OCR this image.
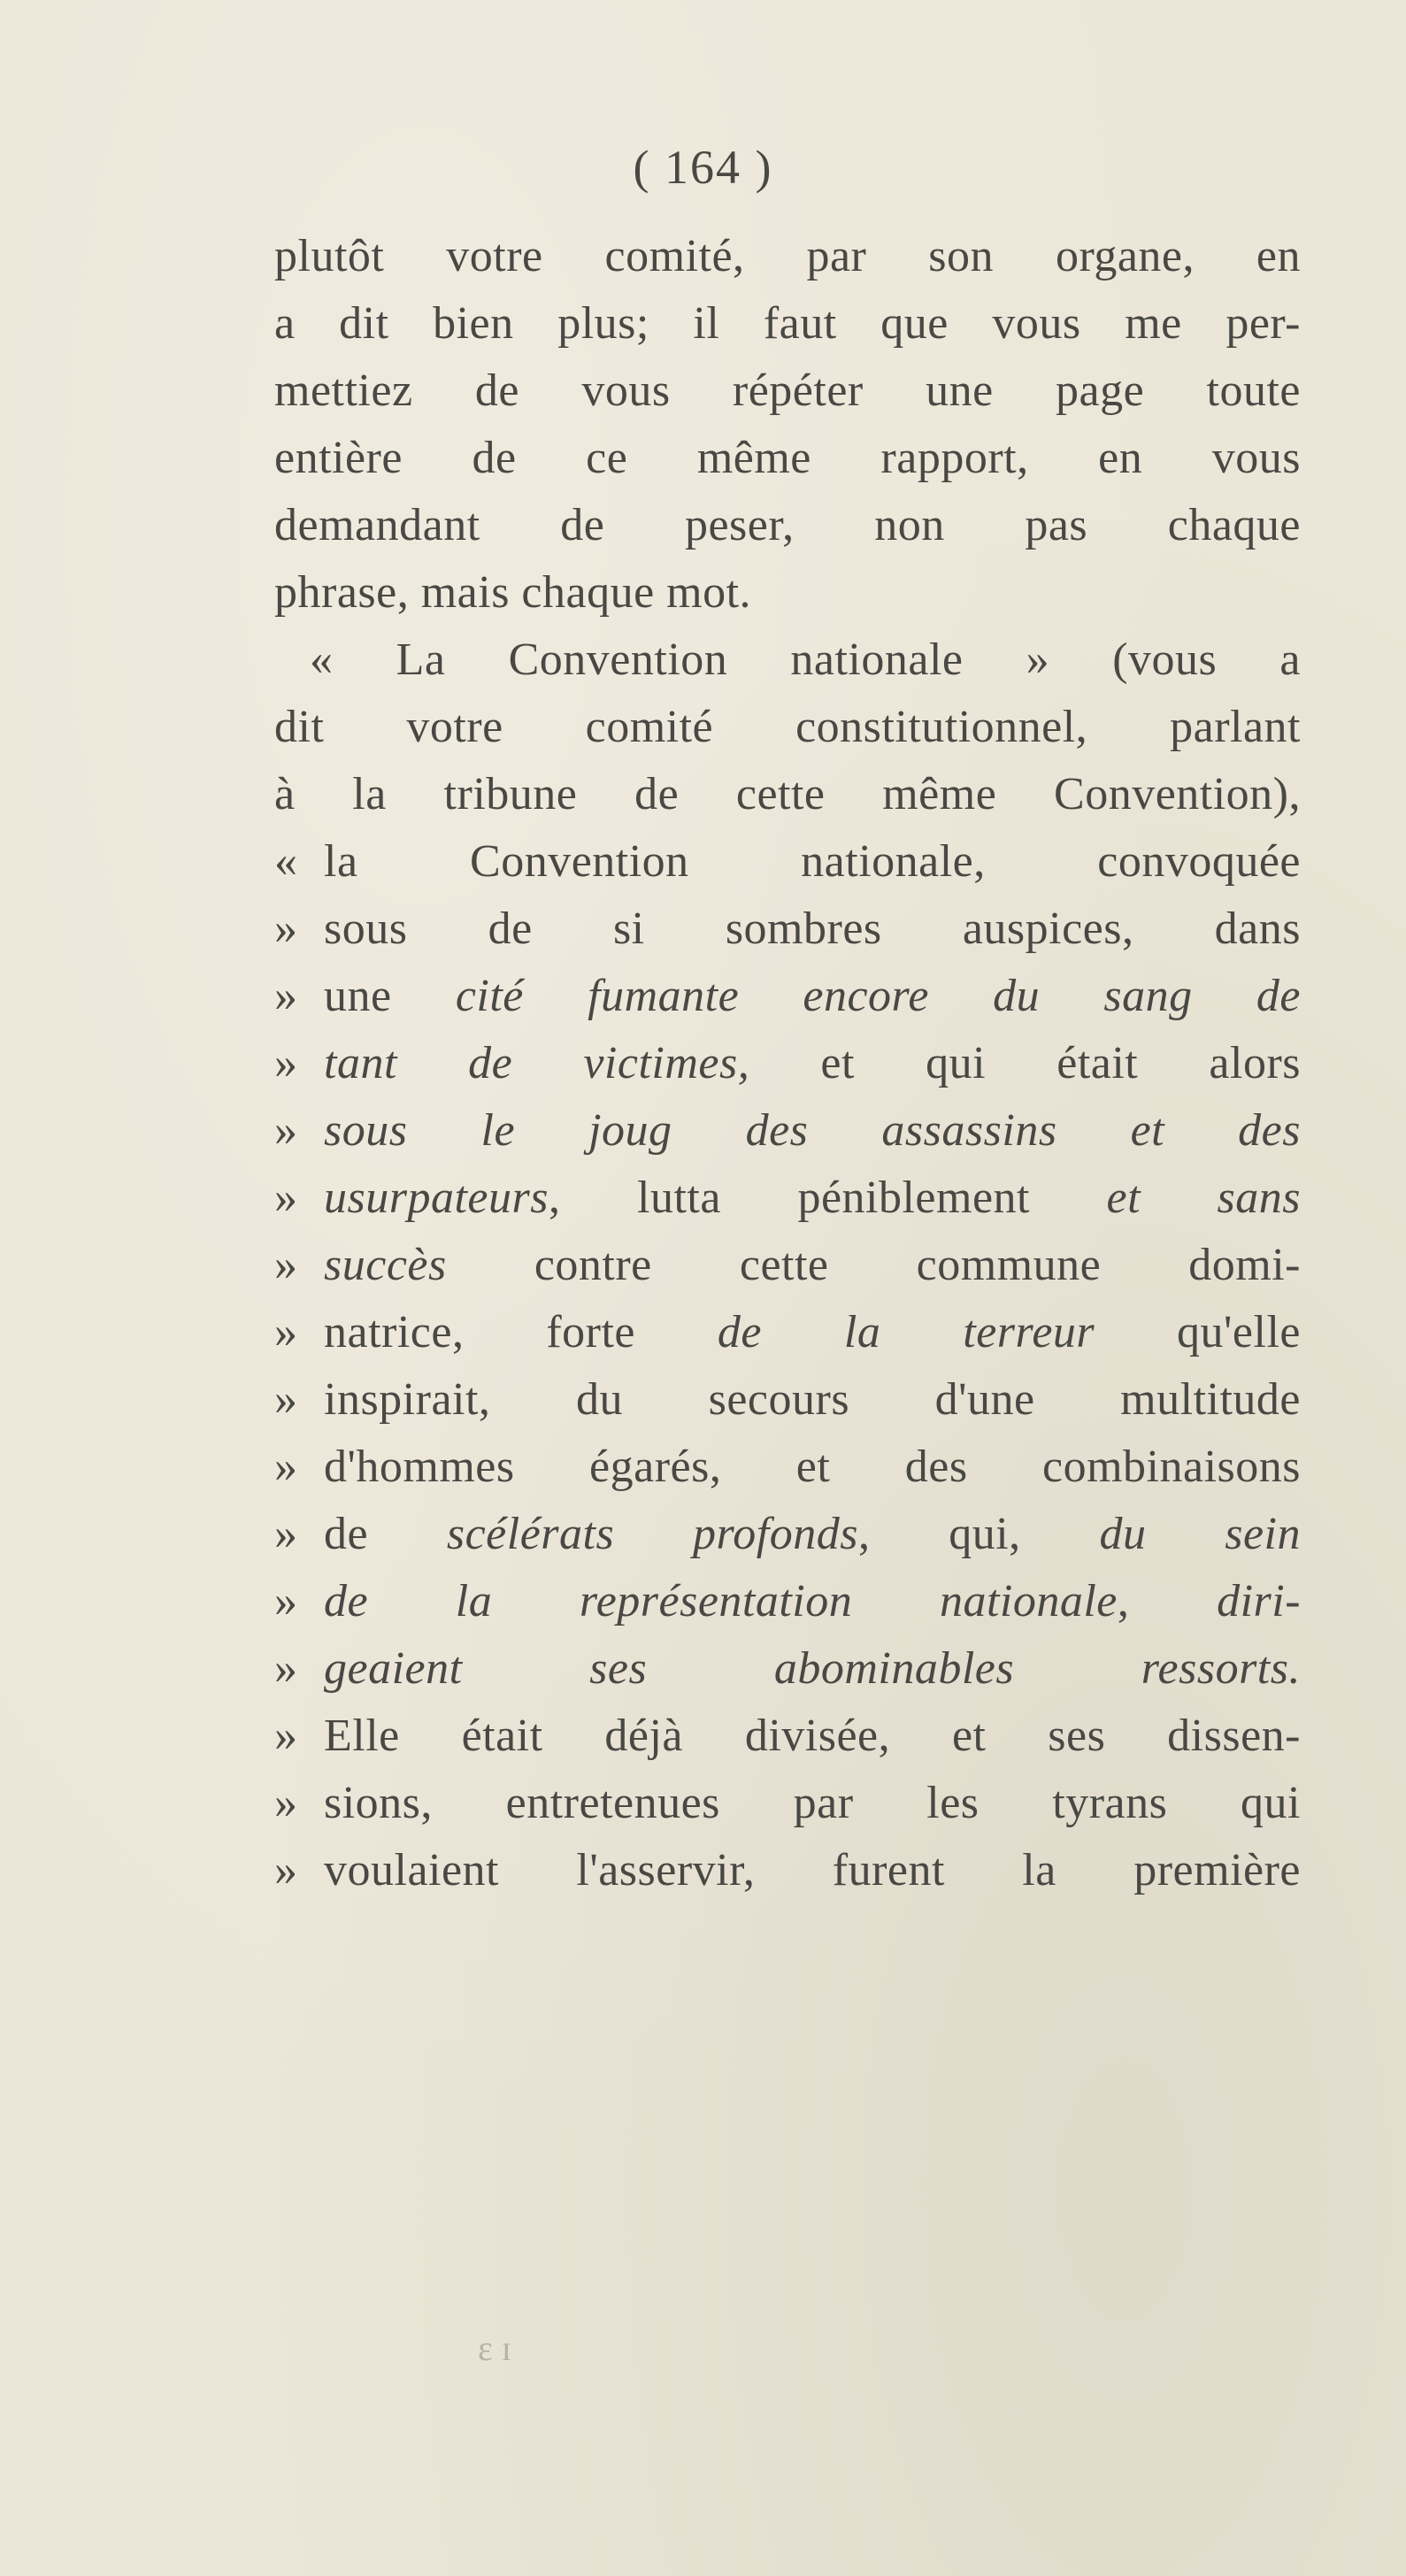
( 164 )
plutôt votre comité, par son organe, en
a dit bien plus; il faut que vous me per-
mettiez de vous répéter une page toute
entière de ce même rapport, en vous
demandant de peser, non pas chaque
phrase, mais chaque mot.
« La Convention nationale » (vous a
dit votre comité constitutionnel, parlant
à la tribune de cette même Convention),
« la Convention nationale, convoquée
» sous de si sombres auspices, dans
» une cité fumante encore du sang de
» tant de victimes, et qui était alors
» sous le joug des assassins et des
» usurpateurs, lutta péniblement et sans
» succès contre cette commune domi-
» natrice, forte de la terreur qu'elle
» inspirait, du secours d'une multitude
» d'hommes égarés, et des combinaisons
» de scélérats profonds, qui, du sein
» de la représentation nationale, diri-
» geaient ses abominables ressorts.
» Elle était déjà divisée, et ses dissen-
» sions, entretenues par les tyrans qui
» voulaient l'asservir, furent la première
ɛ ɪ
